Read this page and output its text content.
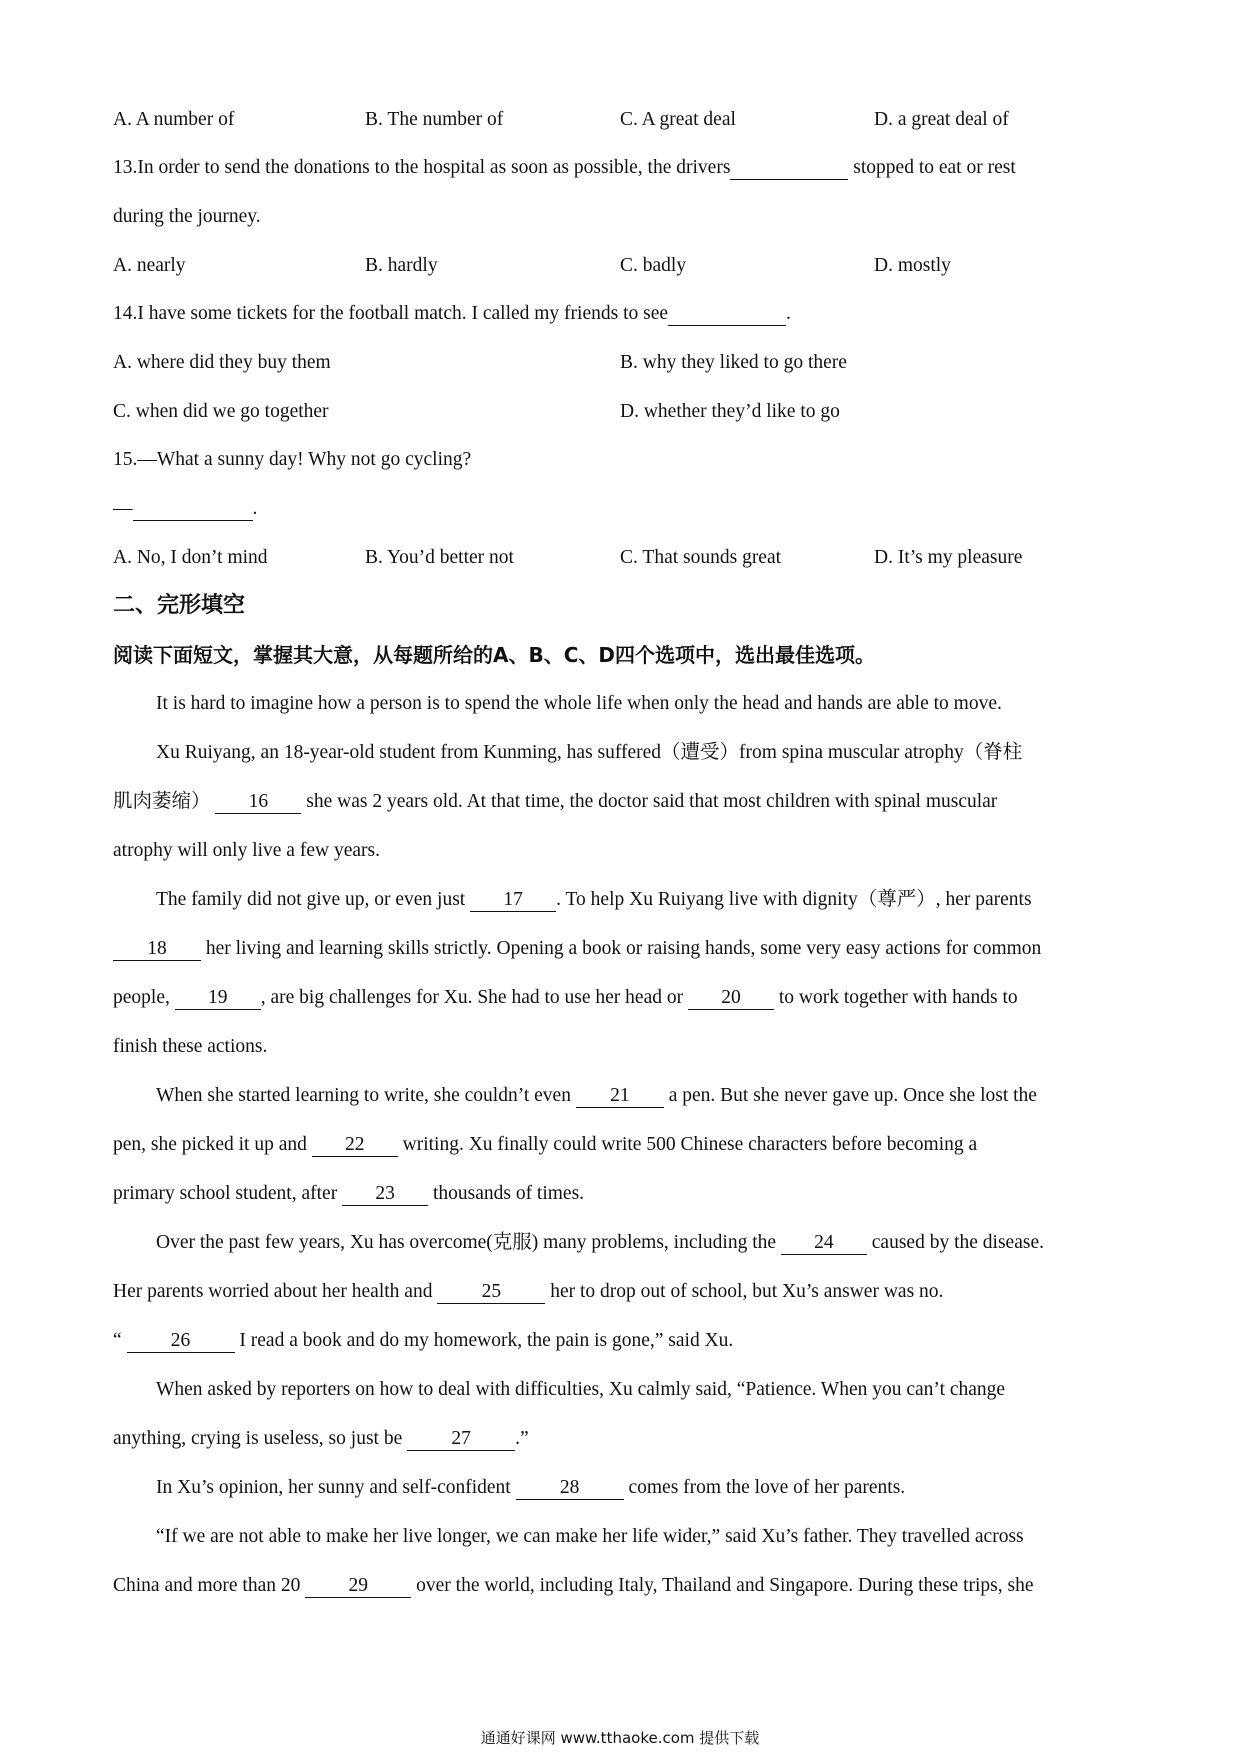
A. A number of	B. The number of	C. A great deal	D. a great deal of
13.In order to send the donations to the hospital as soon as possible, the drivers	stopped to eat or rest
during the journey.
A. nearly	B. hardly	C. badly	D. mostly
14.I have some tickets for the football match. I called my friends to see	.
A. where did they buy them	B. why they liked to go there
C. when did we go together	D. whether they’d like to go
15.—What a sunny day! Why not go cycling?
—	.
A. No, I don’t mind	B. You’d better not	C. That sounds great	D. It’s my pleasure
二、完形填空
阅读下面短文，掌握其大意，从每题所给的A、B、C、D四个选项中，选出最佳选项。
It is hard to imagine how a person is to spend the whole life when only the head and hands are able to move.
Xu Ruiyang, an 18-year-old student from Kunming, has suffered（遭受）from spina muscular atrophy（脊柱
肌肉萎缩） 16 she was 2 years old. At that time, the doctor said that most children with spinal muscular
atrophy will only live a few years.
The family did not give up, or even just 17 . To help Xu Ruiyang live with dignity（尊严）, her parents
18 her living and learning skills strictly. Opening a book or raising hands, some very easy actions for common
people, 19 , are big challenges for Xu. She had to use her head or 20 to work together with hands to
finish these actions.
When she started learning to write, she couldn’t even 21 a pen. But she never gave up. Once she lost the
pen, she picked it up and 22 writing. Xu finally could write 500 Chinese characters before becoming a
primary school student, after 23 thousands of times.
Over the past few years, Xu has overcome(克服) many problems, including the 24 caused by the disease.
Her parents worried about her health and	25	her to drop out of school, but Xu’s answer was no.
“	26	I read a book and do my homework, the pain is gone,” said Xu.
When asked by reporters on how to deal with difficulties, Xu calmly said, “Patience. When you can’t change
anything, crying is useless, so just be	27 .”
In Xu’s opinion, her sunny and self-confident	28	comes from the love of her parents.
“If we are not able to make her live longer, we can make her life wider,” said Xu’s father. They travelled across
China and more than 20 29 over the world, including Italy, Thailand and Singapore. During these trips, she
通通好课网 www.tthaoke.com 提供下载
